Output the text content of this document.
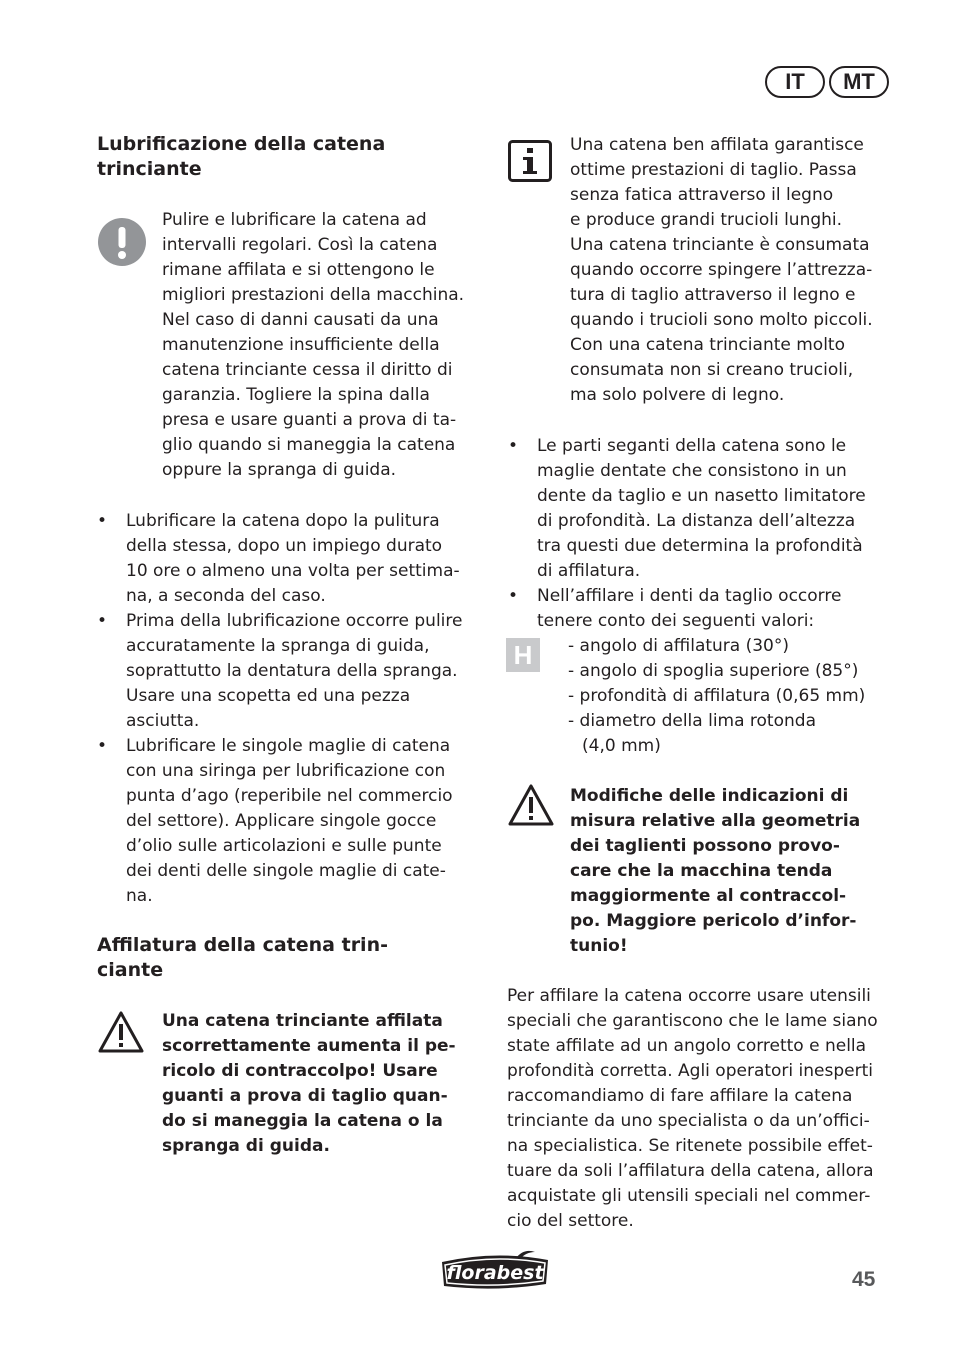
IT	MT
Lubrificazione della catena
trinciante
Pulire e lubrificare la catena ad
intervalli regolari. Così la catena
rimane affilata e si ottengono le
migliori prestazioni della macchina.
Nel caso di danni causati da una
manutenzione insufficiente della
catena trinciante cessa il diritto di
garanzia. Togliere la spina dalla
presa e usare guanti a prova di ta-
glio quando si maneggia la catena
oppure la spranga di guida.
• Lubrificare la catena dopo la pulitura
della stessa, dopo un impiego durato
10 ore o almeno una volta per settima-
na, a seconda del caso.
• Prima della lubrificazione occorre pulire
accuratamente la spranga di guida,
soprattutto la dentatura della spranga.
Usare una scopetta ed una pezza
asciutta.
• Lubrificare le singole maglie di catena
con una siringa per lubrificazione con
punta d’ago (reperibile nel commercio
del settore). Applicare singole gocce
d’olio sulle articolazioni e sulle punte
dei denti delle singole maglie di cate-
na.
Affilatura della catena trin-
ciante
Una catena trinciante affilata
scorrettamente aumenta il pe-
ricolo di contraccolpo! Usare
guanti a prova di taglio quan-
do si maneggia la catena o la
spranga di guida.
Una catena ben affilata garantisce
ottime prestazioni di taglio. Passa
senza fatica attraverso il legno
e produce grandi trucioli lunghi.
Una catena trinciante è consumata
quando occorre spingere l’attrezza-
tura di taglio attraverso il legno e
quando i trucioli sono molto piccoli.
Con una catena trinciante molto
consumata non si creano trucioli,
ma solo polvere di legno.
• Le parti seganti della catena sono le
maglie dentate che consistono in un
dente da taglio e un nasetto limitatore
di profondità. La distanza dell’altezza
tra questi due determina la profondità
di affilatura.
• Nell’affilare i denti da taglio occorre
tenere conto dei seguenti valori:
H	- angolo di affilatura (30°)
- angolo di spoglia superiore (85°)
- profondità di affilatura (0,65 mm)
- diametro della lima rotonda
(4,0 mm)
Modifiche delle indicazioni di
misura relative alla geometria
dei taglienti possono provo-
care che la macchina tenda
maggiormente al contraccol-
po. Maggiore pericolo d’infor-
tunio!
Per affilare la catena occorre usare utensili
speciali che garantiscono che le lame siano
state affilate ad un angolo corretto e nella
profondità corretta. Agli operatori inesperti
raccomandiamo di fare affilare la catena
trinciante da uno specialista o da un’offici-
na specialistica. Se ritenete possibile effet-
tuare da soli l’affilatura della catena, allora
acquistate gli utensili speciali nel commer-
cio del settore.
florabest	45
